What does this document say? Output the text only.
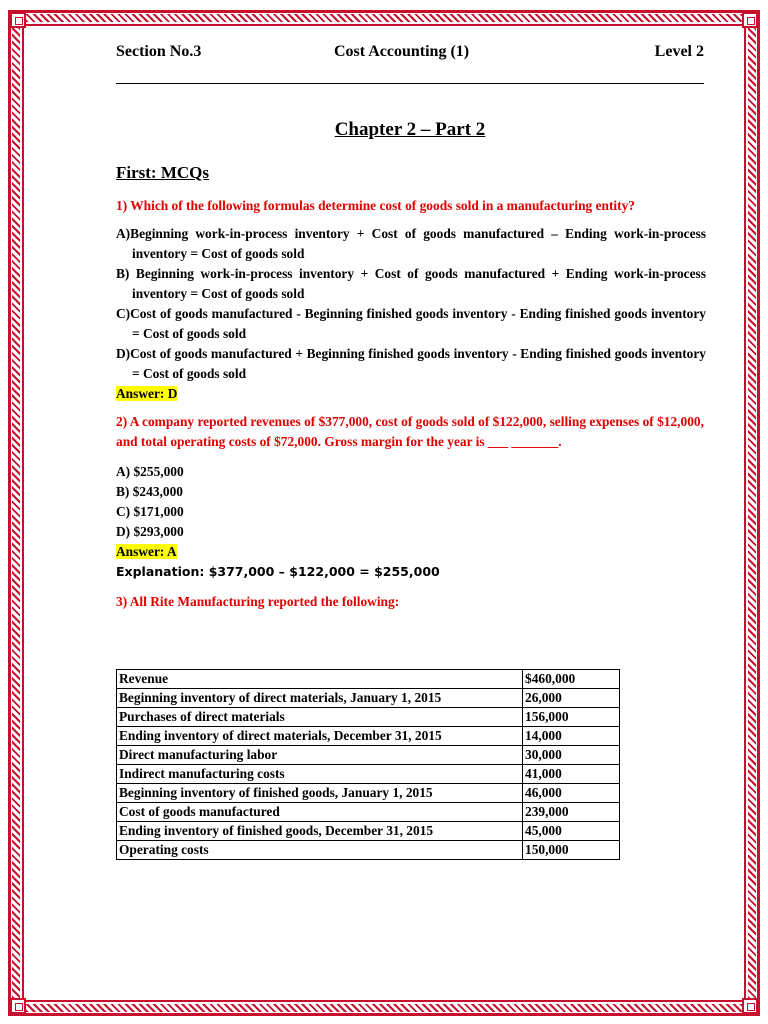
Section No.3	Cost Accounting (1)	Level 2
Chapter 2 – Part 2
First: MCQs

1) Which of the following formulas determine cost of goods sold in a manufacturing entity?

A)Beginning work-in-process inventory + Cost of goods manufactured – Ending work-in-process inventory = Cost of goods sold

B) Beginning work-in-process inventory + Cost of goods manufactured + Ending work-in-process inventory = Cost of goods sold

C)Cost of goods manufactured - Beginning finished goods inventory - Ending finished goods inventory = Cost of goods sold

D)Cost of goods manufactured + Beginning finished goods inventory - Ending finished goods inventory = Cost of goods sold

Answer: D

2) A company reported revenues of $377,000, cost of goods sold of $122,000, selling expenses of $12,000, and total operating costs of $72,000. Gross margin for the year is ___ _______.

A) $255,000

B) $243,000

C) $171,000

D) $293,000

Answer: A

Explanation: $377,000 – $122,000 = $255,000

3) All Rite Manufacturing reported the following:

Revenue	$460,000
Beginning inventory of direct materials, January 1, 2015	26,000
Purchases of direct materials	156,000
Ending inventory of direct materials, December 31, 2015	14,000
Direct manufacturing labor	30,000
Indirect manufacturing costs	41,000
Beginning inventory of finished goods, January 1, 2015	46,000
Cost of goods manufactured	239,000
Ending inventory of finished goods, December 31, 2015	45,000
Operating costs	150,000
